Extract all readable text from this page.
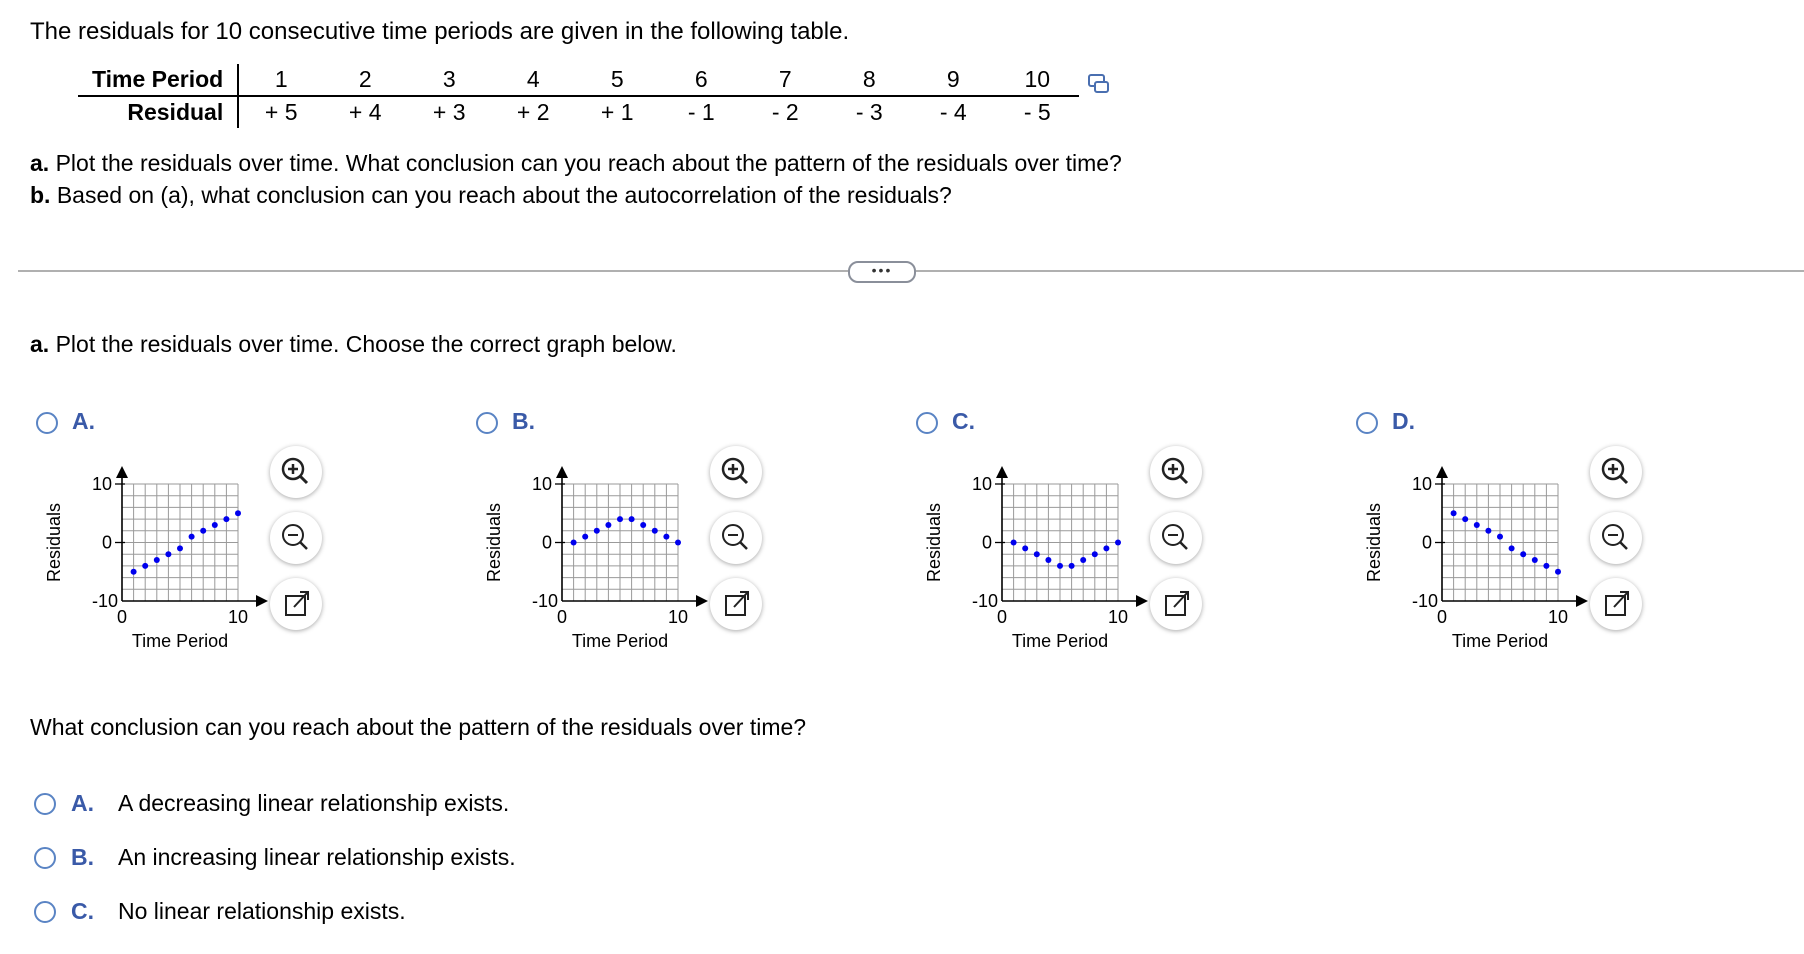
The residuals for 10 consecutive time periods are given in the following table.
Time Period	1	2	3	4	5	6	7	8	9	10
Residual	+ 5	+ 4	+ 3	+ 2	+ 1	- 1	- 2	- 3	- 4	- 5
a. Plot the residuals over time. What conclusion can you reach about the pattern of the residuals over time?
b. Based on (a), what conclusion can you reach about the autocorrelation of the residuals?
•••
a. Plot the residuals over time. Choose the correct graph below.
A.
10
0
-10
0	10
Time Period
Residuals
B.
10
0
-10
0	10
Time Period
Residuals
C.
10
0
-10
0	10
Time Period
Residuals
D.
10
0
-10
0	10
Time Period
Residuals
What conclusion can you reach about the pattern of the residuals over time?
A. A decreasing linear relationship exists.
B. An increasing linear relationship exists.
C. No linear relationship exists.
